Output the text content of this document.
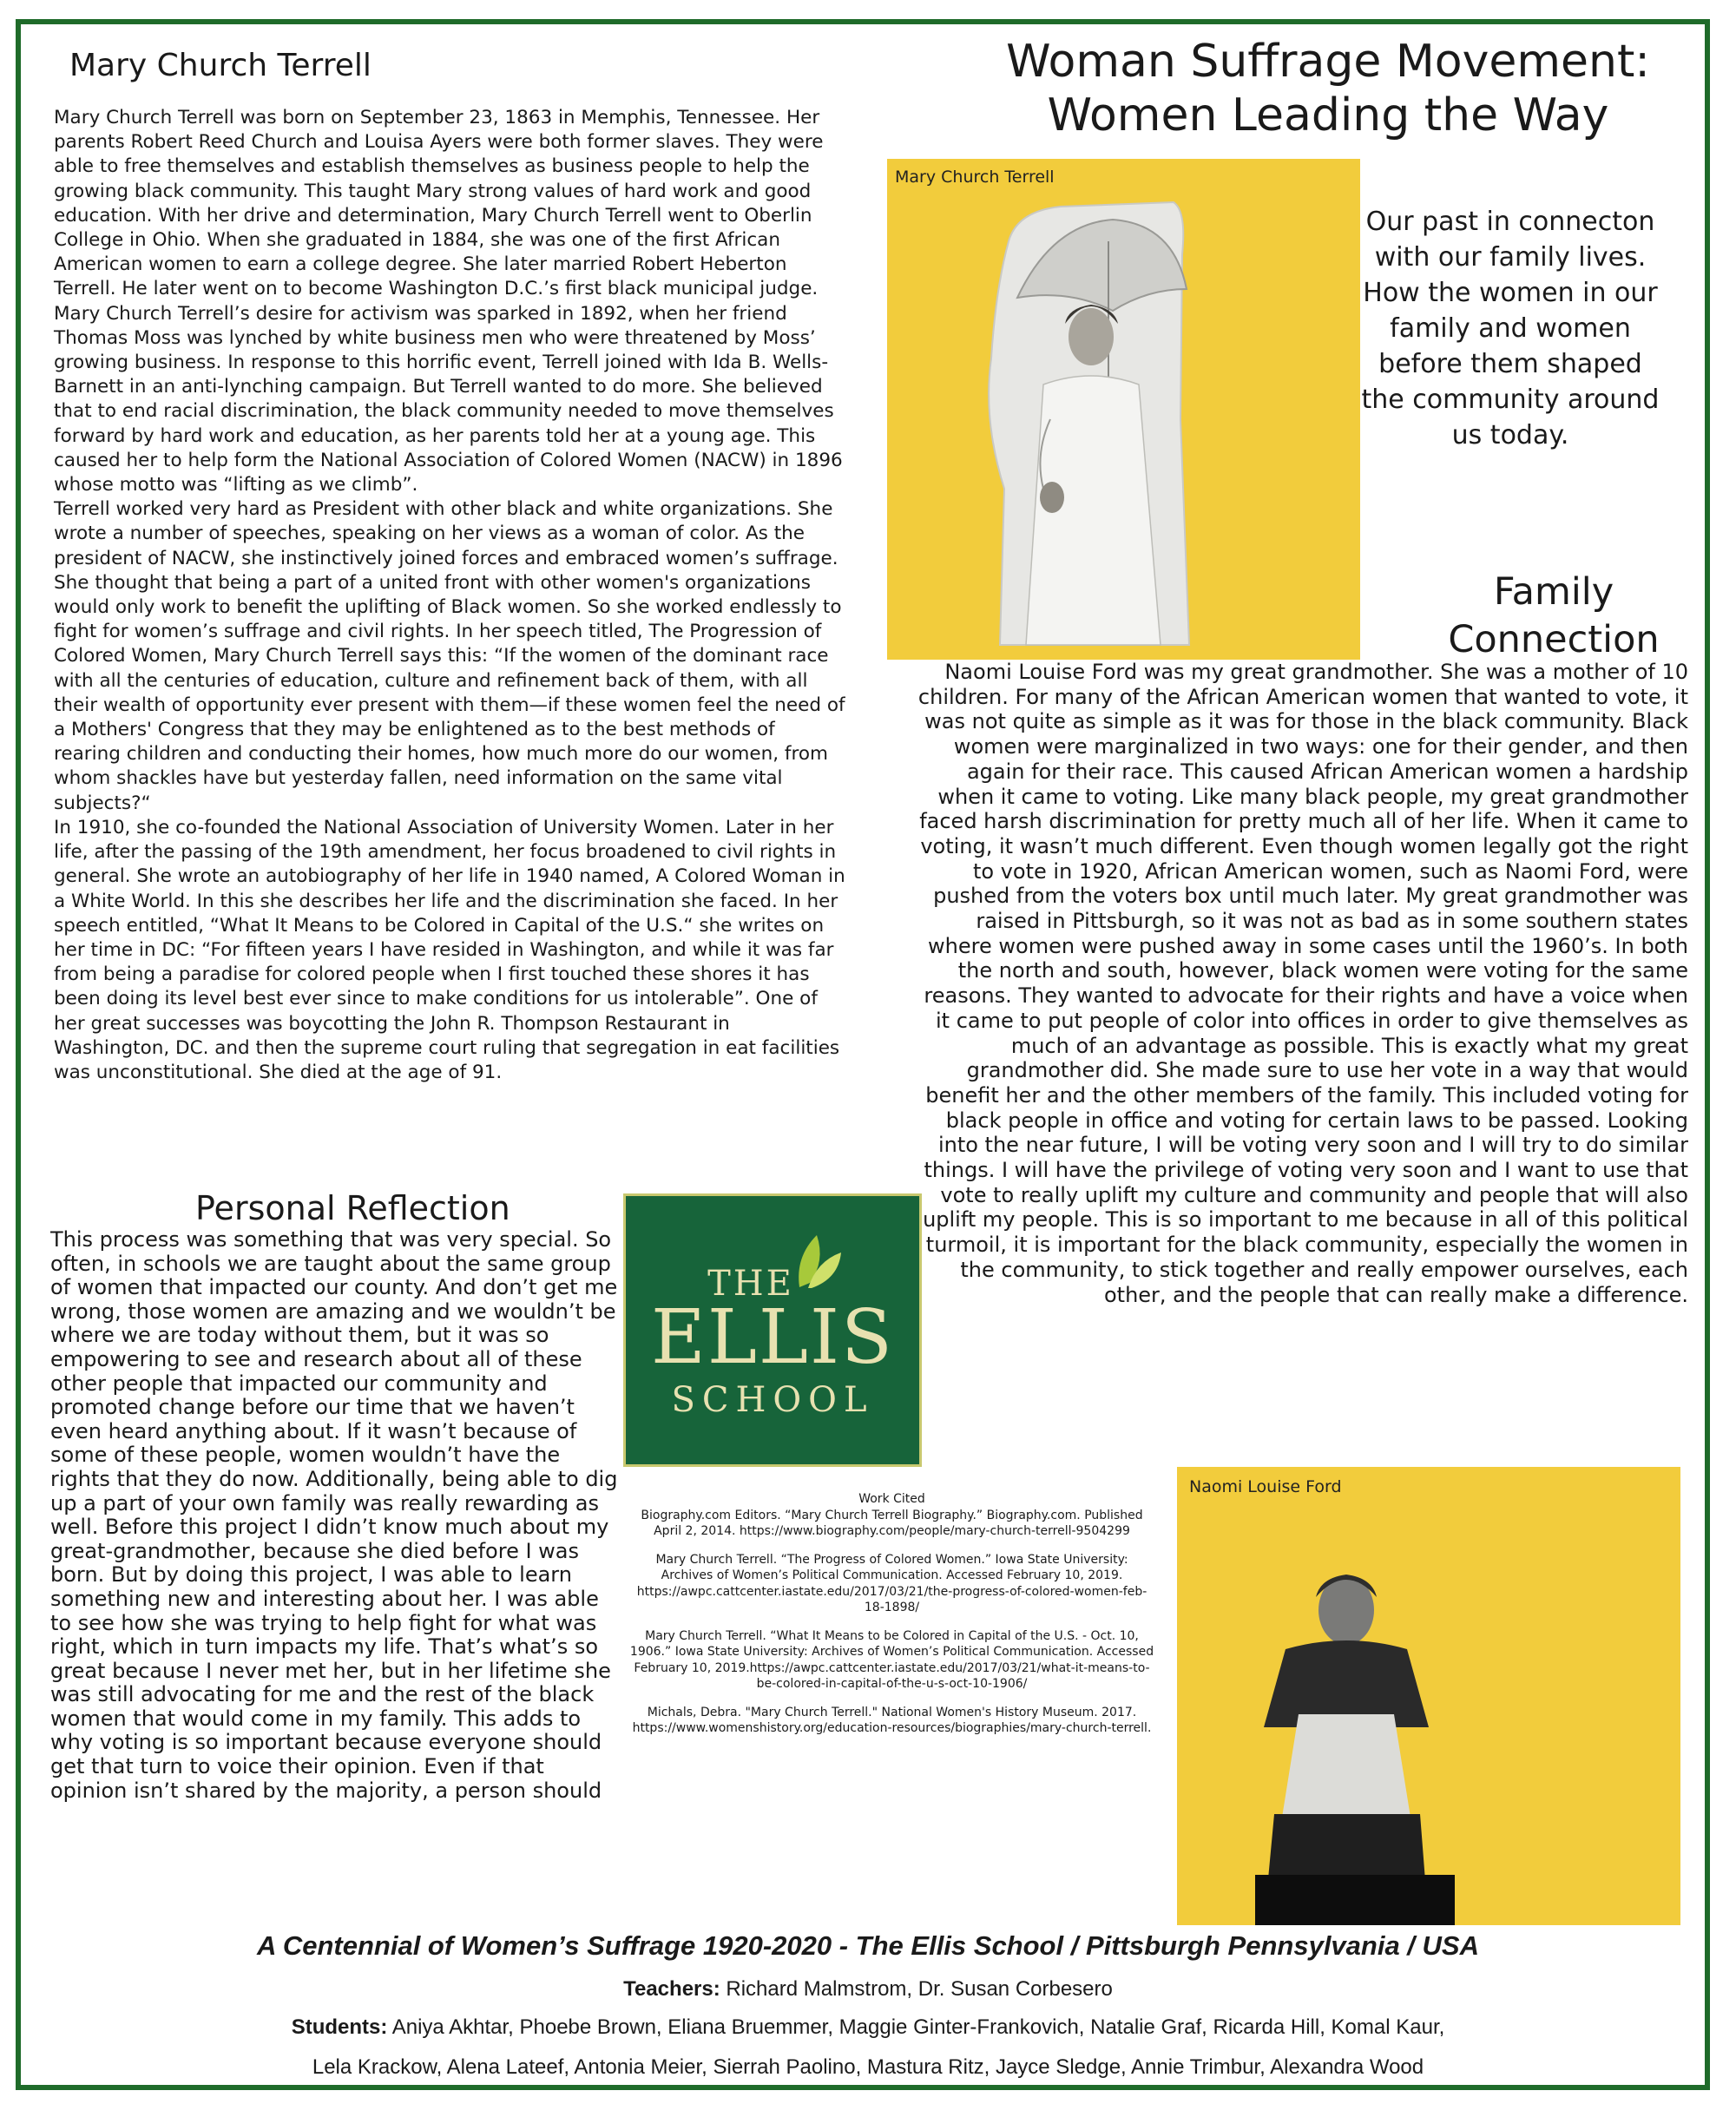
Mary Church Terrell

Mary Church Terrell was born on September 23, 1863 in Memphis, Tennessee. Her parents Robert Reed Church and Louisa Ayers were both former slaves. They were able to free themselves and establish themselves as business people to help the growing black community. This taught Mary strong values of hard work and good education. With her drive and determination, Mary Church Terrell went to Oberlin College in Ohio. When she graduated in 1884, she was one of the first African American women to earn a college degree. She later married Robert Heberton Terrell. He later went on to become Washington D.C.’s first black municipal judge.

Mary Church Terrell’s desire for activism was sparked in 1892, when her friend Thomas Moss was lynched by white business men who were threatened by Moss’ growing business. In response to this horrific event, Terrell joined with Ida B. Wells-Barnett in an anti-lynching campaign. But Terrell wanted to do more. She believed that to end racial discrimination, the black community needed to move themselves forward by hard work and education, as her parents told her at a young age. This caused her to help form the National Association of Colored Women (NACW) in 1896 whose motto was “lifting as we climb”.

Terrell worked very hard as President with other black and white organizations. She wrote a number of speeches, speaking on her views as a woman of color. As the president of NACW, she instinctively joined forces and embraced women’s suffrage. She thought that being a part of a united front with other women's organizations would only work to benefit the uplifting of Black women. So she worked endlessly to fight for women’s suffrage and civil rights. In her speech titled, The Progression of Colored Women, Mary Church Terrell says this: “If the women of the dominant race with all the centuries of education, culture and refinement back of them, with all their wealth of opportunity ever present with them—if these women feel the need of a Mothers' Congress that they may be enlightened as to the best methods of rearing children and conducting their homes, how much more do our women, from whom shackles have but yesterday fallen, need information on the same vital subjects?“

In 1910, she co-founded the National Association of University Women. Later in her life, after the passing of the 19th amendment, her focus broadened to civil rights in general. She wrote an autobiography of her life in 1940 named, A Colored Woman in a White World. In this she describes her life and the discrimination she faced. In her speech entitled, “What It Means to be Colored in Capital of the U.S.“ she writes on her time in DC: “For fifteen years I have resided in Washington, and while it was far from being a paradise for colored people when I first touched these shores it has been doing its level best ever since to make conditions for us intolerable”. One of her great successes was boycotting the John R. Thompson Restaurant in Washington, DC. and then the supreme court ruling that segregation in eat facilities was unconstitutional. She died at the age of 91.

Woman Suffrage Movement:
Women Leading the Way
Mary Church Terrell
Our past in connecton with our family lives. How the women in our family and women before them shaped the community around us today.
Family Connection
Naomi Louise Ford was my great grandmother. She was a mother of 10 children. For many of the African American women that wanted to vote, it was not quite as simple as it was for those in the black community. Black women were marginalized in two ways: one for their gender, and then again for their race. This caused African American women a hardship when it came to voting. Like many black people, my great grandmother faced harsh discrimination for pretty much all of her life. When it came to voting, it wasn’t much different. Even though women legally got the right to vote in 1920, African American women, such as Naomi Ford, were pushed from the voters box until much later. My great grandmother was raised in Pittsburgh, so it was not as bad as in some southern states where women were pushed away in some cases until the 1960’s. In both the north and south, however, black women were voting for the same reasons. They wanted to advocate for their rights and have a voice when it came to put people of color into offices in order to give themselves as much of an advantage as possible. This is exactly what my great grandmother did. She made sure to use her vote in a way that would benefit her and the other members of the family. This included voting for black people in office and voting for certain laws to be passed. Looking into the near future, I will be voting very soon and I will try to do similar things. I will have the privilege of voting very soon and I want to use that vote to really uplift my culture and community and people that will also uplift my people. This is so important to me because in all of this political turmoil, it is important for the black community, especially the women in the community, to stick together and really empower ourselves, each other, and the people that can really make a difference.
Personal Reflection
This process was something that was very special. So often, in schools we are taught about the same group of women that impacted our county. And don’t get me wrong, those women are amazing and we wouldn’t be where we are today without them, but it was so empowering to see and research about all of these other people that impacted our community and promoted change before our time that we haven’t even heard anything about. If it wasn’t because of some of these people, women wouldn’t have the rights that they do now. Additionally, being able to dig up a part of your own family was really rewarding as well. Before this project I didn’t know much about my great-grandmother, because she died before I was born. But by doing this project, I was able to learn something new and interesting about her. I was able to see how she was trying to help fight for what was right, which in turn impacts my life. That’s what’s so great because I never met her, but in her lifetime she was still advocating for me and the rest of the black women that would come in my family. This adds to why voting is so important because everyone should get that turn to voice their opinion. Even if that opinion isn’t shared by the majority, a person should
THE
ELLIS
SCHOOL

Work Cited

Biography.com Editors. “Mary Church Terrell Biography.” Biography.com. Published April 2, 2014. https://www.biography.com/people/mary-church-terrell-9504299

Mary Church Terrell. “The Progress of Colored Women.” Iowa State University: Archives of Women’s Political Communication. Accessed February 10, 2019. https://awpc.cattcenter.iastate.edu/2017/03/21/the-progress-of-colored-women-feb-18-1898/

Mary Church Terrell. “What It Means to be Colored in Capital of the U.S. - Oct. 10, 1906.” Iowa State University: Archives of Women’s Political Communication. Accessed February 10, 2019.https://awpc.cattcenter.iastate.edu/2017/03/21/what-it-means-to-be-colored-in-capital-of-the-u-s-oct-10-1906/

Michals, Debra. "Mary Church Terrell." National Women's History Museum. 2017. https://www.womenshistory.org/education-resources/biographies/mary-church-terrell.

Naomi Louise Ford
A Centennial of Women’s Suffrage 1920-2020 - The Ellis School / Pittsburgh Pennsylvania / USA
Teachers: Richard Malmstrom, Dr. Susan Corbesero
Students: Aniya Akhtar, Phoebe Brown, Eliana Bruemmer, Maggie Ginter-Frankovich, Natalie Graf, Ricarda Hill, Komal Kaur,
Lela Krackow, Alena Lateef, Antonia Meier, Sierrah Paolino, Mastura Ritz, Jayce Sledge, Annie Trimbur, Alexandra Wood
